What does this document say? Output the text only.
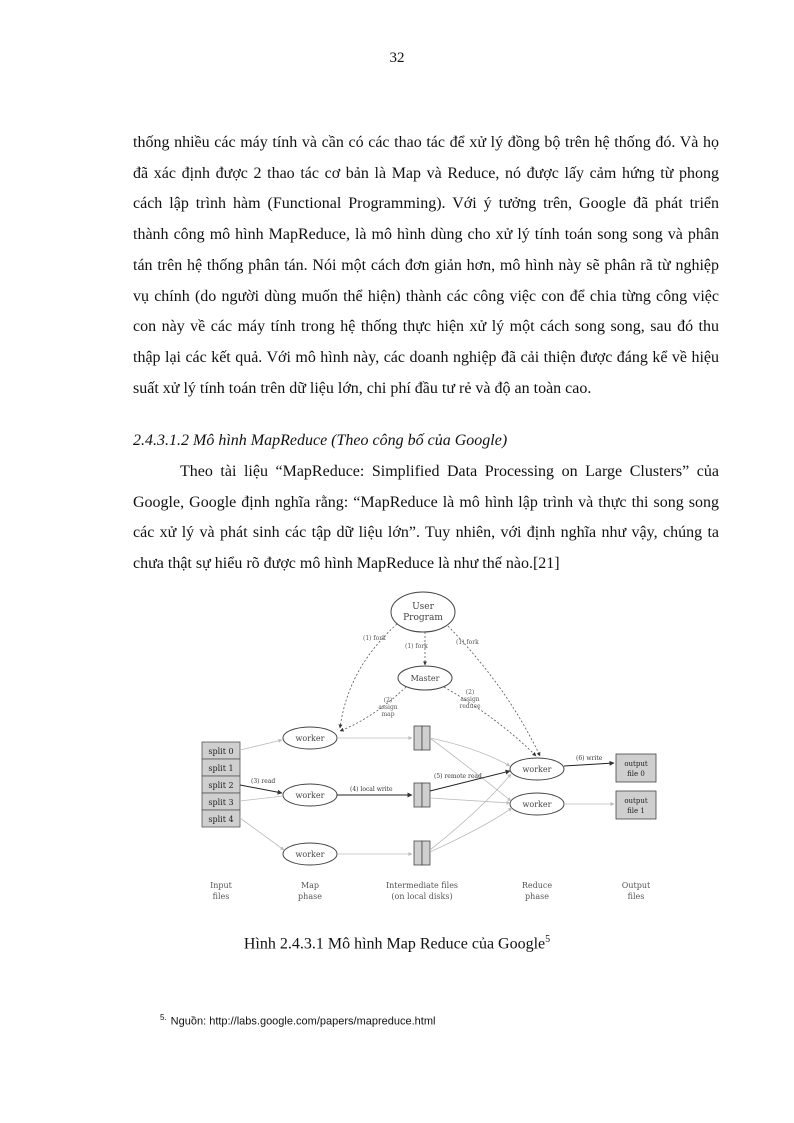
32

thống nhiều các máy tính và cần có các thao tác để xử lý đồng bộ trên hệ thống đó. Và họ đã xác định được 2 thao tác cơ bản là Map và Reduce, nó được lấy cảm hứng từ phong cách lập trình hàm (Functional Programming). Với ý tưởng trên, Google đã phát triển thành công mô hình MapReduce, là mô hình dùng cho xử lý tính toán song song và phân tán trên hệ thống phân tán. Nói một cách đơn giản hơn, mô hình này sẽ phân rã từ nghiệp vụ chính (do người dùng muốn thể hiện) thành các công việc con để chia từng công việc con này về các máy tính trong hệ thống thực hiện xử lý một cách song song, sau đó thu thập lại các kết quả. Với mô hình này, các doanh nghiệp đã cải thiện được đáng kể về hiệu suất xử lý tính toán trên dữ liệu lớn, chi phí đầu tư rẻ và độ an toàn cao.

2.4.3.1.2 Mô hình MapReduce (Theo công bố của Google)

Theo tài liệu “MapReduce: Simplified Data Processing on Large Clusters” của Google, Google định nghĩa rằng: “MapReduce là mô hình lập trình và thực thi song song các xử lý và phát sinh các tập dữ liệu lớn”. Tuy nhiên, với định nghĩa như vậy, chúng ta chưa thật sự hiểu rõ được mô hình MapReduce là như thế nào.[21]

User
Program
Master
(1) fork
(1) fork
(1) fork
(2)
assign
map
(2)
assign
reduce
split 0
split 1
split 2
split 3
split 4
worker
worker
worker
(3) read
(4) local write
worker
worker
(5) remote read
output
file 0
output
file 1
(6) write
Input
files
Map
phase
Intermediate files
(on local disks)
Reduce
phase
Output
files
Hình 2.4.3.1 Mô hình Map Reduce của Google$^5$
$^{5.}$ Nguồn: http://labs.google.com/papers/mapreduce.html
